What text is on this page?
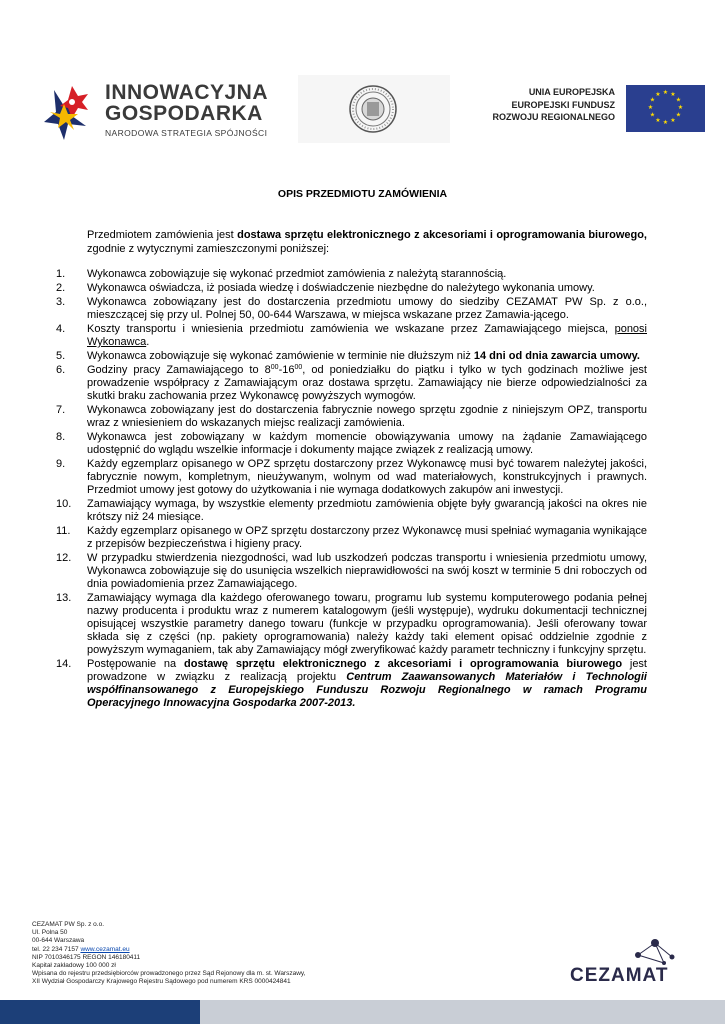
INNOWACYJNA
GOSPODARKA
NARODOWA STRATEGIA SPÓJNOŚCI
UNIA EUROPEJSKA
EUROPEJSKI FUNDUSZ
ROZWOJU REGIONALNEGO
★ ★
★
★
★
★
★
★
★
★
★
★
OPIS PRZEDMIOTU ZAMÓWIENIA
Przedmiotem zamówienia jest dostawa sprzętu elektronicznego z akcesoriami i oprogramowania biurowego, zgodnie z wytycznymi zamieszczonymi poniższej:
1.	Wykonawca zobowiązuje się wykonać przedmiot zamówienia z należytą starannością.
2.	Wykonawca oświadcza, iż posiada wiedzę i doświadczenie niezbędne do należytego wykonania umowy.
3.	Wykonawca zobowiązany jest do dostarczenia przedmiotu umowy do siedziby CEZAMAT PW Sp. z o.o., mieszczącej się przy ul. Polnej 50, 00-644 Warszawa, w miejsca wskazane przez Zamawia-jącego.
4.	Koszty transportu i wniesienia przedmiotu zamówienia we wskazane przez Zamawiającego miejsca, ponosi Wykonawca.
5.	Wykonawca zobowiązuje się wykonać zamówienie w terminie nie dłuższym niż 14 dni od dnia zawarcia umowy.
6.	Godziny pracy Zamawiającego to $8^{00}-16^{00}$, od poniedziałku do piątku i tylko w tych godzinach możliwe jest prowadzenie współpracy z Zamawiającym oraz dostawa sprzętu. Zamawiający nie bierze odpowiedzialności za skutki braku zachowania przez Wykonawcę powyższych wymogów.
7.	Wykonawca zobowiązany jest do dostarczenia fabrycznie nowego sprzętu zgodnie z niniejszym OPZ, transportu wraz z wniesieniem do wskazanych miejsc realizacji zamówienia.
8.	Wykonawca jest zobowiązany w każdym momencie obowiązywania umowy na żądanie Zamawiającego udostępnić do wglądu wszelkie informacje i dokumenty mające związek z realizacją umowy.
9.	Każdy egzemplarz opisanego w OPZ sprzętu dostarczony przez Wykonawcę musi być towarem należytej jakości, fabrycznie nowym, kompletnym, nieużywanym, wolnym od wad materiałowych, konstrukcyjnych i prawnych. Przedmiot umowy jest gotowy do użytkowania i nie wymaga dodatkowych zakupów ani inwestycji.
10.	Zamawiający wymaga, by wszystkie elementy przedmiotu zamówienia objęte były gwarancją jakości na okres nie krótszy niż 24 miesiące.
11.	Każdy egzemplarz opisanego w OPZ sprzętu dostarczony przez Wykonawcę musi spełniać wymagania wynikające z przepisów bezpieczeństwa i higieny pracy.
12.	W przypadku stwierdzenia niezgodności, wad lub uszkodzeń podczas transportu i wniesienia przedmiotu umowy, Wykonawca zobowiązuje się do usunięcia wszelkich nieprawidłowości na swój koszt w terminie 5 dni roboczych od dnia powiadomienia przez Zamawiającego.
13.	Zamawiający wymaga dla każdego oferowanego towaru, programu lub systemu komputerowego podania pełnej nazwy producenta i produktu wraz z numerem katalogowym (jeśli występuje), wydruku dokumentacji technicznej opisującej wszystkie parametry danego towaru (funkcje w przypadku oprogramowania). Jeśli oferowany towar składa się z części (np. pakiety oprogramowania) należy każdy taki element opisać oddzielnie zgodnie z powyższym wymaganiem, tak aby Zamawiający mógł zweryfikować każdy parametr techniczny i funkcyjny sprzętu.
14.	Postępowanie na dostawę sprzętu elektronicznego z akcesoriami i oprogramowania biurowego jest prowadzone w związku z realizacją projektu Centrum Zaawansowanych Materiałów i Technologii współfinansowanego z Europejskiego Funduszu Rozwoju Regionalnego w ramach Programu Operacyjnego Innowacyjna Gospodarka 2007-2013.
CEZAMAT PW Sp. z o.o.
Ul. Polna 50
00-644 Warszawa
tel. 22 234 7157 www.cezamat.eu
NIP 7010346175 REGON 146180411
Kapitał zakładowy 100 000 zł
Wpisana do rejestru przedsiębiorców prowadzonego przez Sąd Rejonowy dla m. st. Warszawy,
XII Wydział Gospodarczy Krajowego Rejestru Sądowego pod numerem KRS 0000424841	CEZAMAT
